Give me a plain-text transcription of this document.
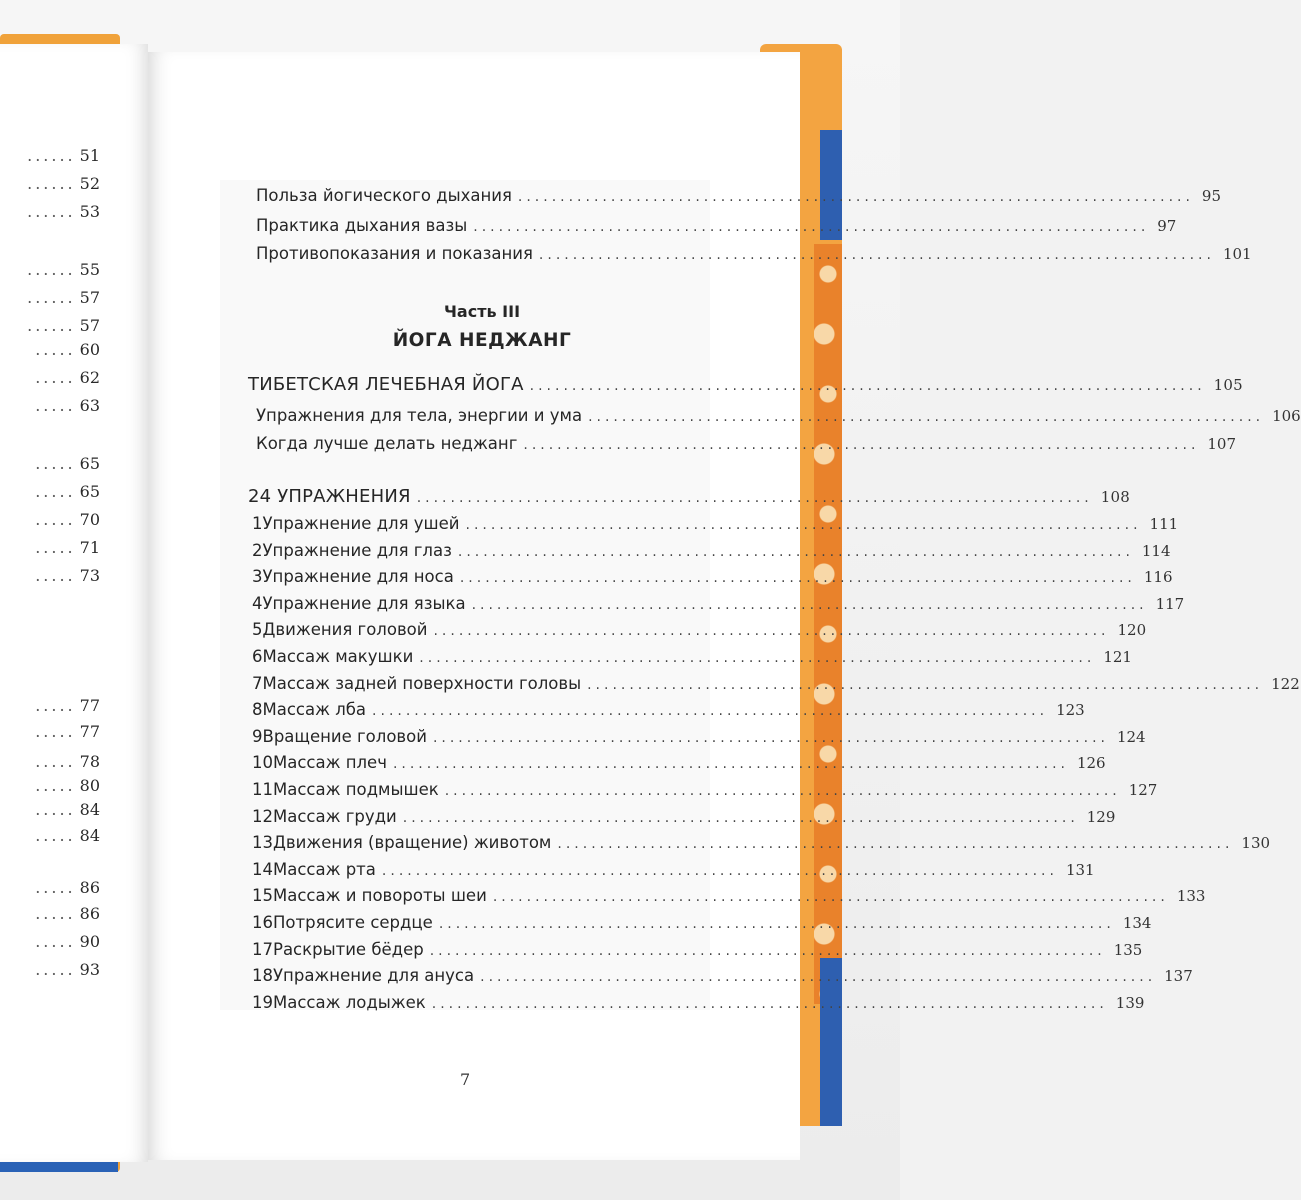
...... 51
...... 52
...... 53
...... 55
...... 57
...... 57
..... 60
..... 62
..... 63
..... 65
..... 65
..... 70
..... 71
..... 73
..... 77
..... 77
..... 78
..... 80
..... 84
..... 84
..... 86
..... 86
..... 90
..... 93
Польза йогического дыхания ................................................................................ 95
Практика дыхания вазы ................................................................................ 97
Противопоказания и показания ................................................................................ 101
Часть III
ЙОГА НЕДЖАНГ
ТИБЕТСКАЯ ЛЕЧЕБНАЯ ЙОГА ................................................................................ 105
Упражнения для тела, энергии и ума ................................................................................ 106
Когда лучше делать неджанг ................................................................................ 107
24 УПРАЖНЕНИЯ ................................................................................ 108
1 Упражнение для ушей ................................................................................ 111
2 Упражнение для глаз ................................................................................ 114
3 Упражнение для носа ................................................................................ 116
4 Упражнение для языка ................................................................................ 117
5 Движения головой ................................................................................ 120
6 Массаж макушки ................................................................................ 121
7 Массаж задней поверхности головы ................................................................................ 122
8 Массаж лба ................................................................................ 123
9 Вращение головой ................................................................................ 124
10 Массаж плеч ................................................................................ 126
11 Массаж подмышек ................................................................................ 127
12 Массаж груди ................................................................................ 129
13 Движения (вращение) животом ................................................................................ 130
14 Массаж рта ................................................................................ 131
15 Массаж и повороты шеи ................................................................................ 133
16 Потрясите сердце ................................................................................ 134
17 Раскрытие бёдер ................................................................................ 135
18 Упражнение для ануса ................................................................................ 137
19 Массаж лодыжек ................................................................................ 139
7
